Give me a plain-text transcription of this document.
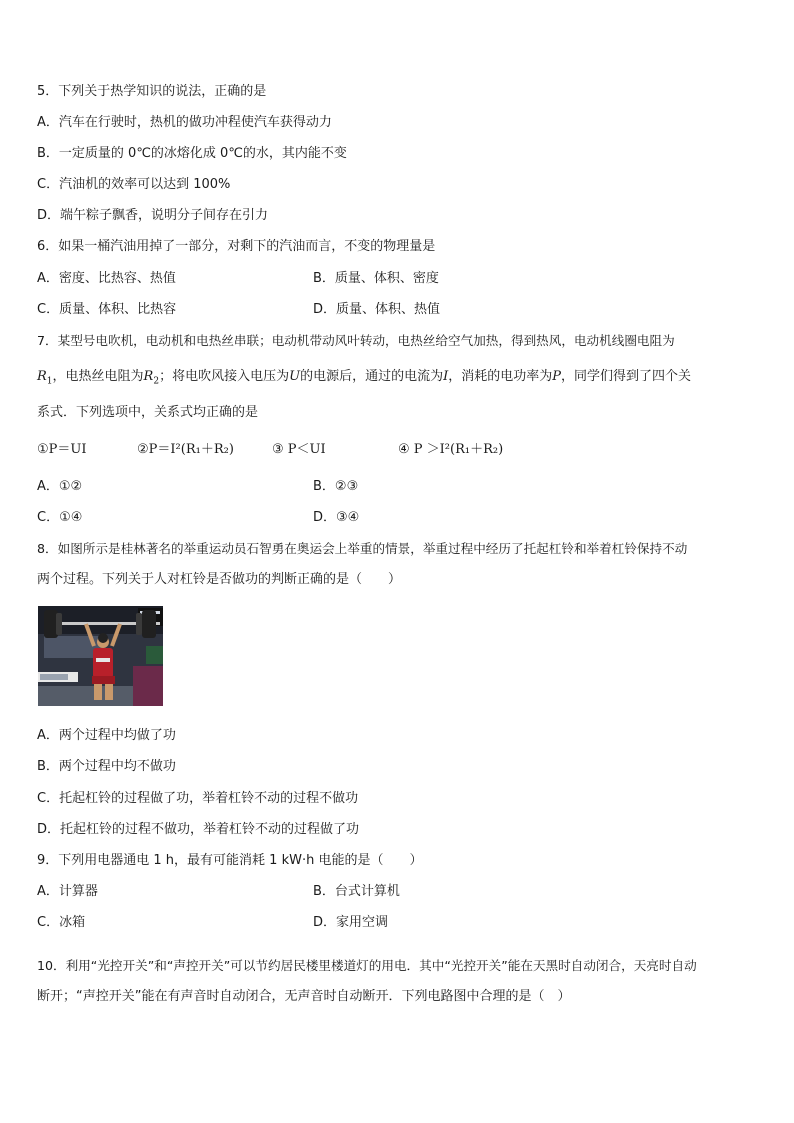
5．下列关于热学知识的说法，正确的是
A．汽车在行驶时，热机的做功冲程使汽车获得动力
B．一定质量的 0℃的冰熔化成 0℃的水，其内能不变
C．汽油机的效率可以达到 100%
D．端午粽子飘香，说明分子间存在引力
6．如果一桶汽油用掉了一部分，对剩下的汽油而言，不变的物理量是
A．密度、比热容、热值	B．质量、体积、密度
C．质量、体积、比热容	D．质量、体积、热值
7．某型号电吹机，电动机和电热丝串联；电动机带动风叶转动，电热丝给空气加热，得到热风，电动机线圈电阻为
$R_1$，电热丝电阻为$R_2$；将电吹风接入电压为U的电源后，通过的电流为I，消耗的电功率为P，同学们得到了四个关
系式．下列选项中，关系式均正确的是
①P＝UI	②P＝I²(R₁＋R₂)	③ P＜UI	④ P ＞I²(R₁＋R₂)
A．①②	B．②③
C．①④	D．③④
8．如图所示是桂林著名的举重运动员石智勇在奥运会上举重的情景，举重过程中经历了托起杠铃和举着杠铃保持不动
两个过程。下列关于人对杠铃是否做功的判断正确的是（　　）
A．两个过程中均做了功
B．两个过程中均不做功
C．托起杠铃的过程做了功，举着杠铃不动的过程不做功
D．托起杠铃的过程不做功，举着杠铃不动的过程做了功
9．下列用电器通电 1 h，最有可能消耗 1 kW·h 电能的是（　　）
A．计算器	B．台式计算机
C．冰箱	D．家用空调
10．利用“光控开关”和“声控开关”可以节约居民楼里楼道灯的用电．其中“光控开关”能在天黑时自动闭合，天亮时自动
断开；“声控开关”能在有声音时自动闭合，无声音时自动断开．下列电路图中合理的是（　）
